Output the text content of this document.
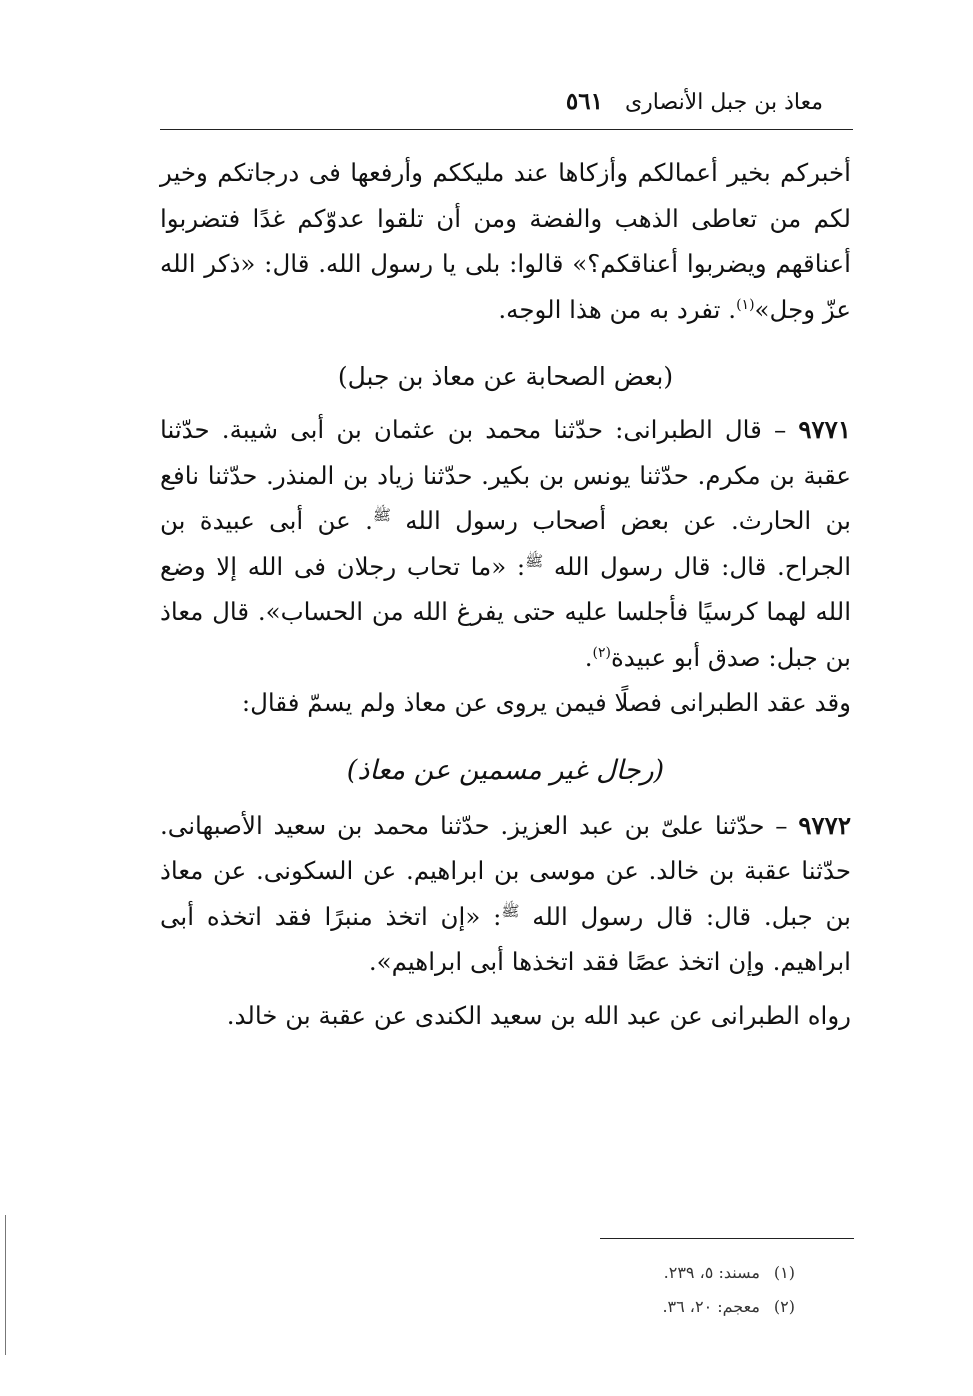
معاذ بن جبل الأنصارى
٥٦١

أخبركم بخير أعمالكم وأزكاها عند مليككم وأرفعها فى درجاتكم وخير لكم من تعاطى الذهب والفضة ومن أن تلقوا عدوّكم غدًا فتضربوا أعناقهم ويضربوا أعناقكم؟» قالوا: بلى يا رسول الله. قال: «ذكر الله عزّ وجل»$^{(١)}$. تفرد به من هذا الوجه.

(بعض الصحابة عن معاذ بن جبل)

٩٧٧١ – قال الطبرانى: حدّثنا محمد بن عثمان بن أبى شيبة. حدّثنا عقبة بن مكرم. حدّثنا يونس بن بكير. حدّثنا زياد بن المنذر. حدّثنا نافع بن الحارث. عن بعض أصحاب رسول الله $^ﷺ$. عن أبى عبيدة بن الجراح. قال: قال رسول الله $^ﷺ$: «ما تحاب رجلان فى الله إلا وضع الله لهما كرسيًا فأجلسا عليه حتى يفرغ الله من الحساب». قال معاذ بن جبل: صدق أبو عبيدة$^{(٢)}$.

وقد عقد الطبرانى فصلًا فيمن يروى عن معاذ ولم يسمّ فقال:

(رجال غير مسمين عن معاذ)

٩٧٧٢ – حدّثنا علىّ بن عبد العزيز. حدّثنا محمد بن سعيد الأصبهانى. حدّثنا عقبة بن خالد. عن موسى بن ابراهيم. عن السكونى. عن معاذ بن جبل. قال: قال رسول الله $^ﷺ$: «إن اتخذ منبرًا فقد اتخذه أبى ابراهيم. وإن اتخذ عصًا فقد اتخذها أبى ابراهيم».

رواه الطبرانى عن عبد الله بن سعيد الكندى عن عقبة بن خالد.

(١)مسند: ٥، ٢٣٩.
(٢)معجم: ٢٠، ٣٦.
